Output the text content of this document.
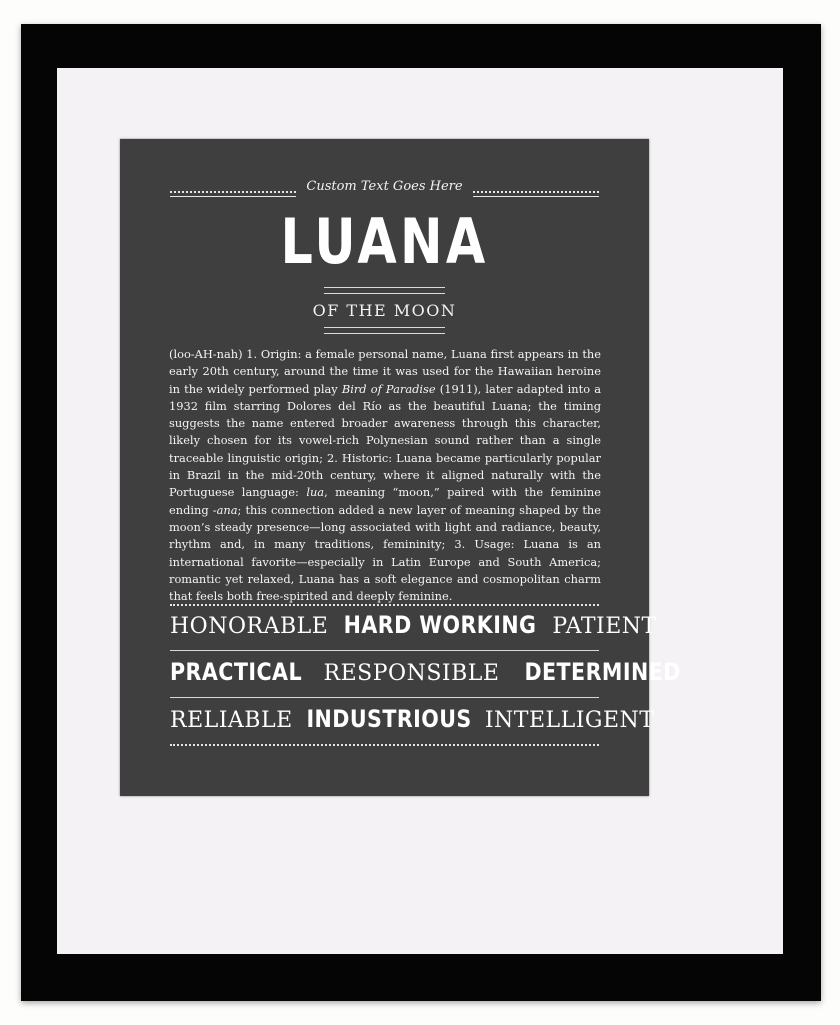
Custom Text Goes Here
LUANA
OF THE MOON
(loo-AH-nah) 1. Origin: a female personal name, Luana first appears in the early 20th century, around the time it was used for the Hawaiian heroine in the widely performed play Bird of Paradise (1911), later adapted into a 1932 film starring Dolores del Río as the beautiful Luana; the timing suggests the name entered broader awareness through this character, likely chosen for its vowel-rich Polynesian sound rather than a single traceable linguistic origin; 2. Historic: Luana became particularly popular in Brazil in the mid-20th century, where it aligned naturally with the Portuguese language: lua, meaning “moon,” paired with the feminine ending -ana; this connection added a new layer of meaning shaped by the moon’s steady presence—long associated with light and radiance, beauty, rhythm and, in many traditions, femininity; 3. Usage: Luana is an international favorite—especially in Latin Europe and South America; romantic yet relaxed, Luana has a soft elegance and cosmopolitan charm that feels both free-spirited and deeply feminine.
HONORABLE HARD WORKING PATIENT
PRACTICAL RESPONSIBLE DETERMINED
RELIABLE INDUSTRIOUS INTELLIGENT
